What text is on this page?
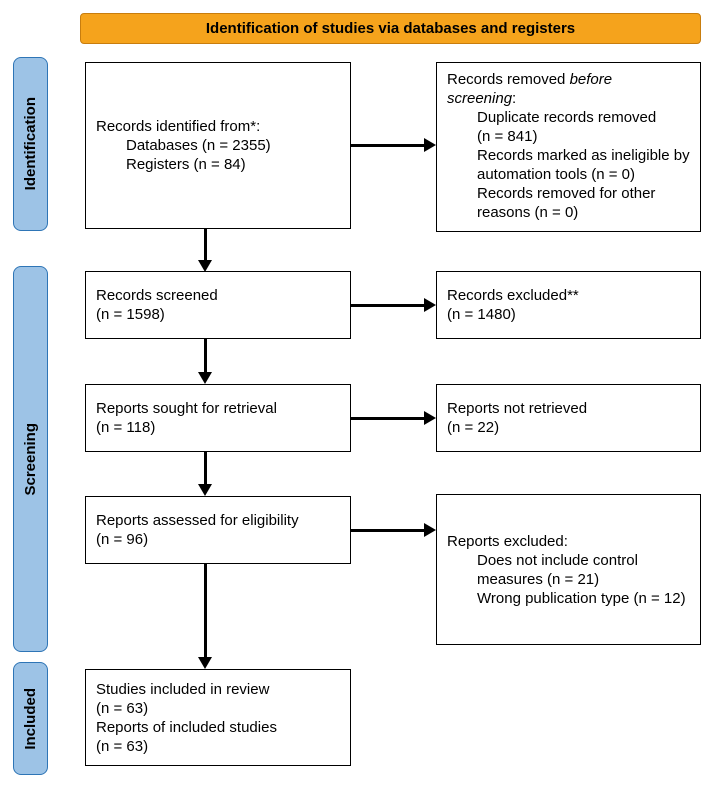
Identification of studies via databases and registers
Identification
Screening
Included
Records identified from*:
Databases (n = 2355)
Registers (n = 84)
Records removed before screening:
Duplicate records removed (n = 841)
Records marked as ineligible by automation tools (n = 0)
Records removed for other reasons (n = 0)
Records screened
(n = 1598)
Records excluded**
(n = 1480)
Reports sought for retrieval
(n = 118)
Reports not retrieved
(n = 22)
Reports assessed for eligibility
(n = 96)	Reports excluded:
Does not include control measures (n = 21)
Wrong publication type (n = 12)
Studies included in review
(n = 63)
Reports of included studies
(n = 63)
